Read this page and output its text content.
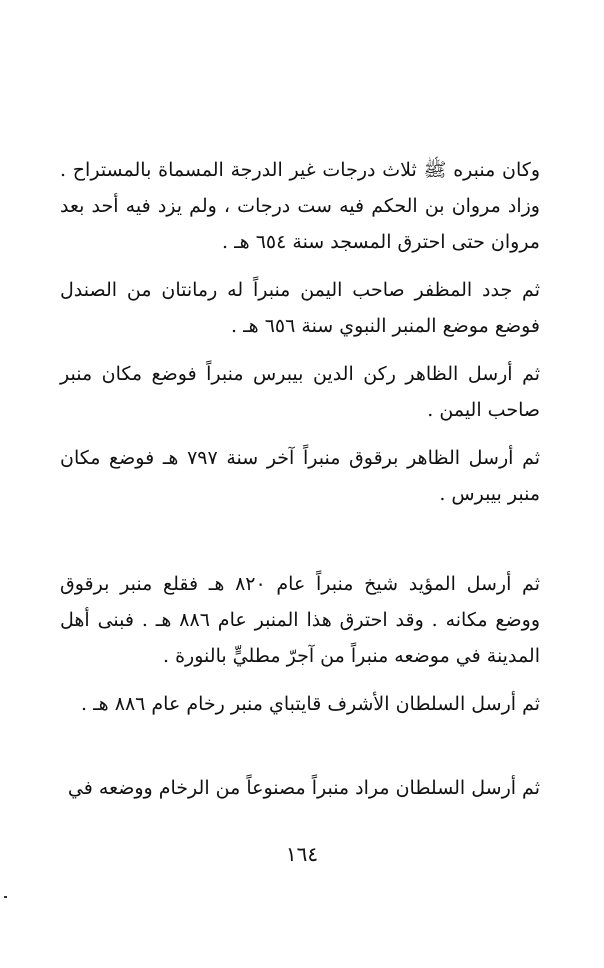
وكان منبره ﷺ ثلاث درجات غير الدرجة المسماة بالمستراح . وزاد مروان بن الحكم فيه ست درجات ، ولم يزد فيه أحد بعد مروان حتى احترق المسجد سنة ٦٥٤ هـ .

ثم جدد المظفر صاحب اليمن منبراً له رمانتان من الصندل فوضع موضع المنبر النبوي سنة ٦٥٦ هـ .

ثم أرسل الظاهر ركن الدين بيبرس منبراً فوضع مكان منبر صاحب اليمن .

ثم أرسل الظاهر برقوق منبراً آخر سنة ٧٩٧ هـ فوضع مكان منبر بيبرس .

ثم أرسل المؤيد شيخ منبراً عام ٨٢٠ هـ فقلع منبر برقوق ووضع مكانه . وقد احترق هذا المنبر عام ٨٨٦ هـ . فبنى أهل المدينة في موضعه منبراً من آجرّ مطليٍّ بالنورة .

ثم أرسل السلطان الأشرف قايتباي منبر رخام عام ٨٨٦ هـ .

ثم أرسل السلطان مراد منبراً مصنوعاً من الرخام ووضعه في

١٦٤
